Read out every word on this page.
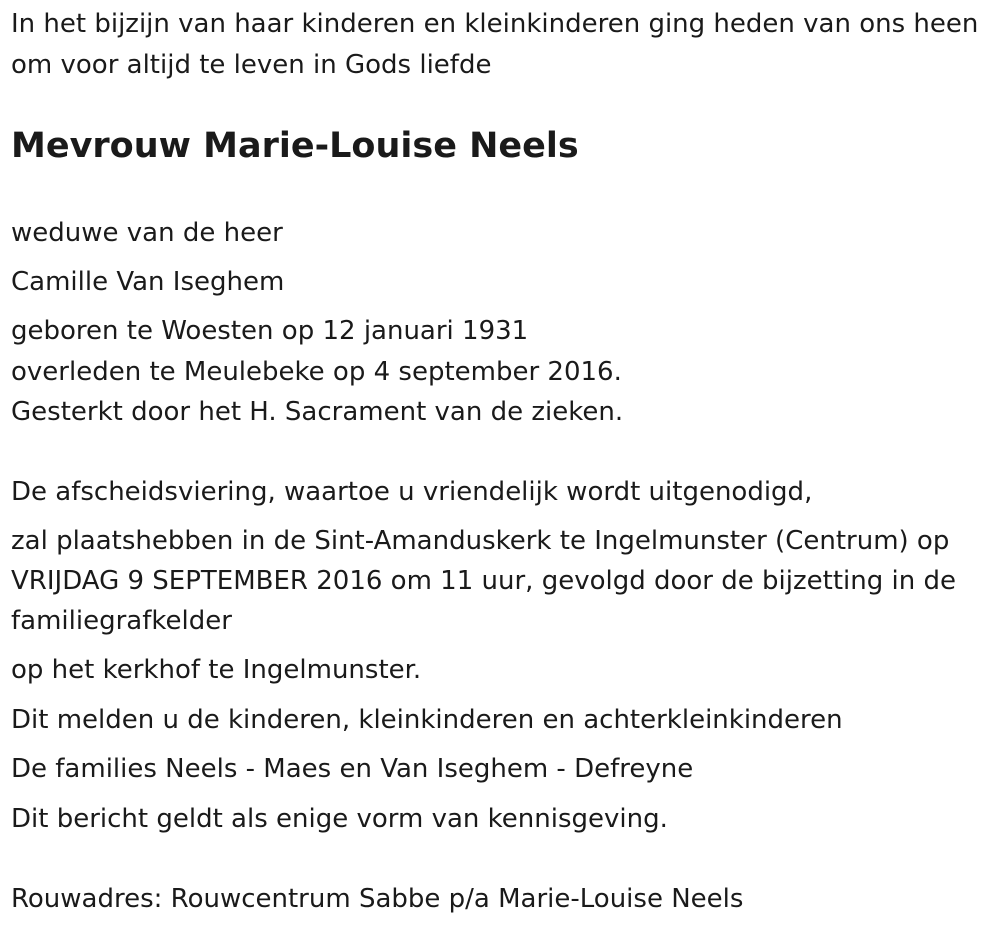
In het bijzijn van haar kinderen en kleinkinderen ging heden van ons heen
om voor altijd te leven in Gods liefde
Mevrouw Marie-Louise Neels
weduwe van de heer
Camille Van Iseghem
geboren te Woesten op 12 januari 1931
overleden te Meulebeke op 4 september 2016.
Gesterkt door het H. Sacrament van de zieken.
De afscheidsviering, waartoe u vriendelijk wordt uitgenodigd,
zal plaatshebben in de Sint-Amanduskerk te Ingelmunster (Centrum) op
VRIJDAG 9 SEPTEMBER 2016 om 11 uur, gevolgd door de bijzetting in de
familiegrafkelder
op het kerkhof te Ingelmunster.
Dit melden u de kinderen, kleinkinderen en achterkleinkinderen
De families Neels - Maes en Van Iseghem - Defreyne
Dit bericht geldt als enige vorm van kennisgeving.
Rouwadres: Rouwcentrum Sabbe p/a Marie-Louise Neels
